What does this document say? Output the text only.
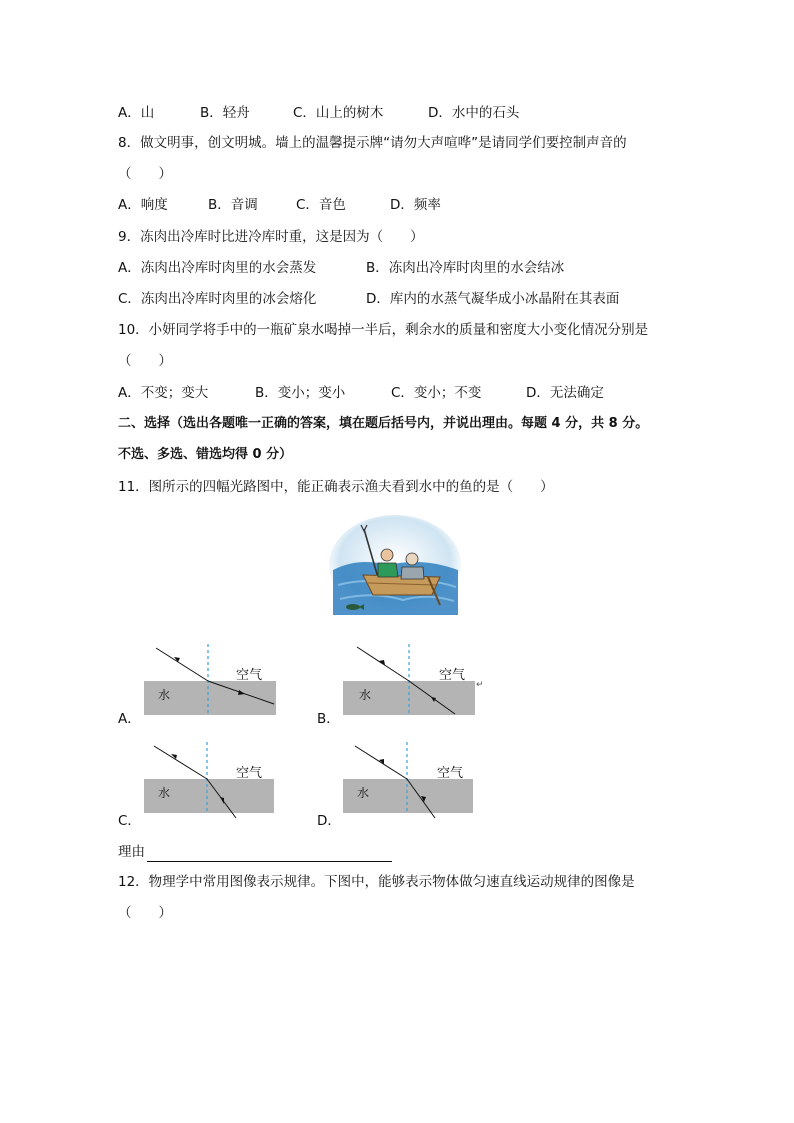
A．山	B．轻舟	C．山上的树木	D．水中的石头
8．做文明事，创文明城。墙上的温馨提示牌“请勿大声喧哗”是请同学们要控制声音的
（　　）
A．响度	B．音调	C．音色	D．频率
9．冻肉出冷库时比进冷库时重，这是因为（　　）
A．冻肉出冷库时肉里的水会蒸发	B．冻肉出冷库时肉里的水会结冰
C．冻肉出冷库时肉里的冰会熔化	D．库内的水蒸气凝华成小冰晶附在其表面
10．小妍同学将手中的一瓶矿泉水喝掉一半后，剩余水的质量和密度大小变化情况分别是
（　　）
A．不变；变大	B．变小；变小	C．变小；不变	D．无法确定
二、选择（选出各题唯一正确的答案，填在题后括号内，并说出理由。每题 4 分，共 8 分。
不选、多选、错选均得 0 分）
11．图所示的四幅光路图中，能正确表示渔夫看到水中的鱼的是（　　）
A．	B．
C．	D．
空气
水
↵
空气
水
空气
水
空气
水
理由
12．物理学中常用图像表示规律。下图中，能够表示物体做匀速直线运动规律的图像是
（　　）
